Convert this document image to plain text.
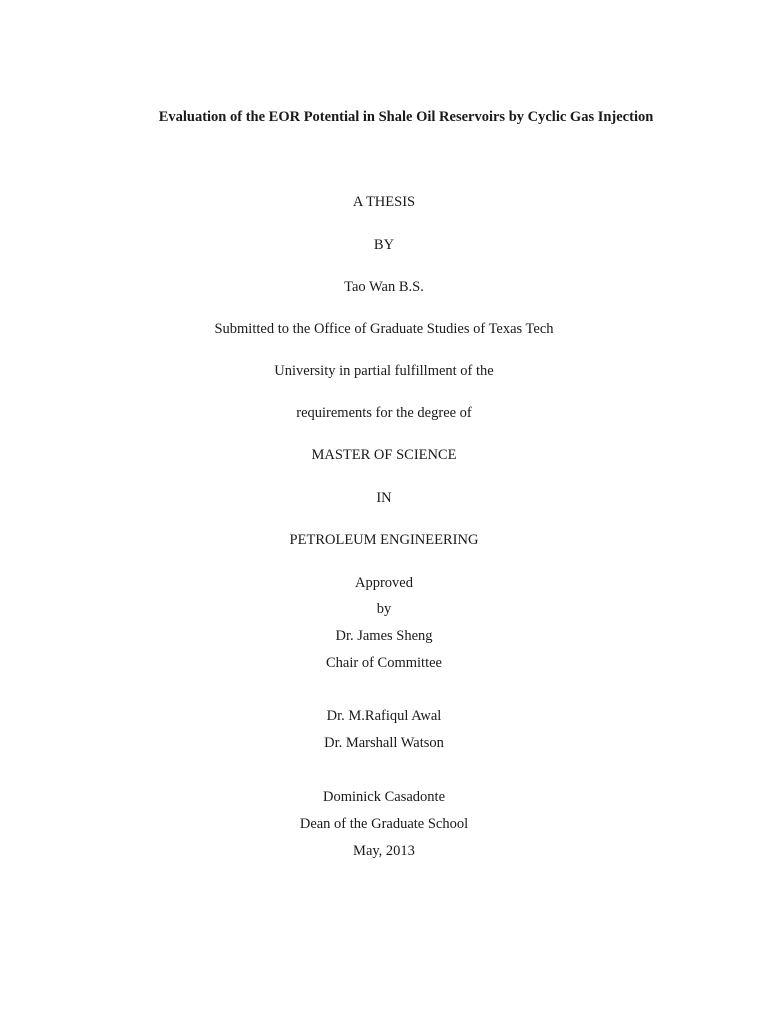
Evaluation of the EOR Potential in Shale Oil Reservoirs by Cyclic Gas Injection
A THESIS
BY
Tao Wan B.S.
Submitted to the Office of Graduate Studies of Texas Tech
University in partial fulfillment of the
requirements for the degree of
MASTER OF SCIENCE
IN
PETROLEUM ENGINEERING
Approved
by
Dr. James Sheng
Chair of Committee
Dr. M.Rafiqul Awal
Dr. Marshall Watson
Dominick Casadonte
Dean of the Graduate School
May, 2013
